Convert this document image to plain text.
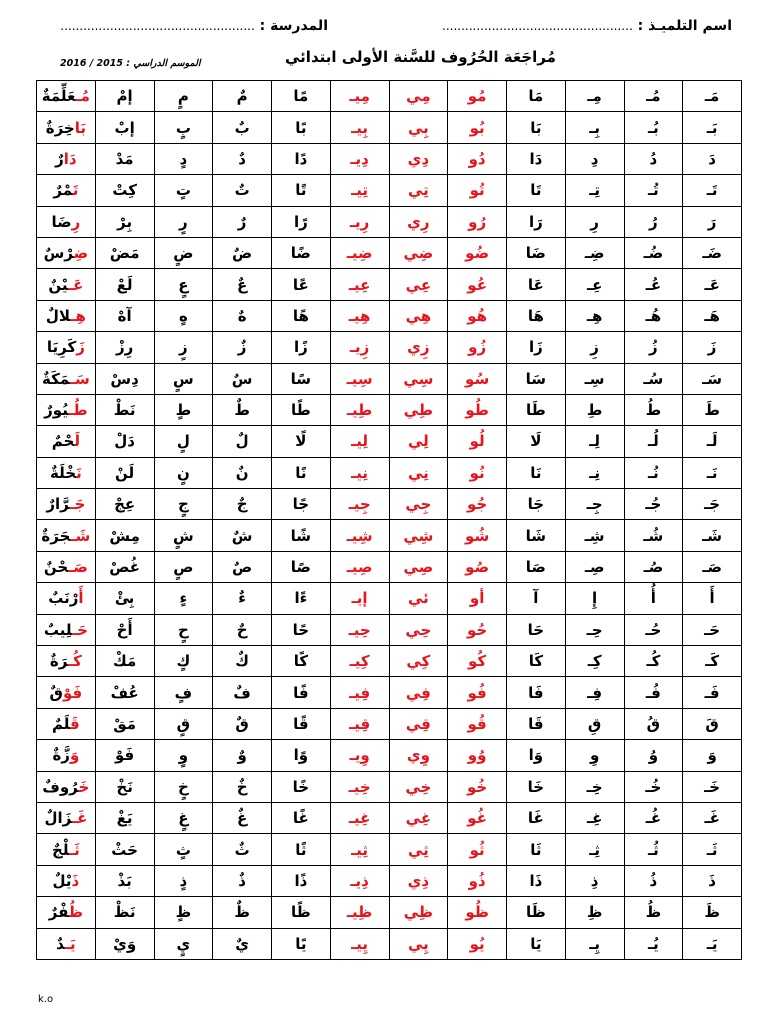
اسم التلميـذ : ..................................................
المدرسة : ...................................................
مُراجَعَة الحُرُوف للسَّنة الأولى ابتدائي
الموسم الدراسي : 2015 / 2016
مَـ	مُـ	مِـ	مَا	مُو	مِي	مِيـ	مًا	مٌ	مٍ	إمْ	مُـعَلِّمَةٌ
بَـ	بُـ	بِـ	بَا	بُو	بِي	بِيـ	بًا	بٌ	بٍ	إبْ	بَاخِرَةٌ
دَ	دُ	دِ	دَا	دُو	دِي	دِيـ	دًا	دٌ	دٍ	مَدْ	دَارٌ
تَـ	تُـ	تِـ	تَا	تُو	تِي	تِيـ	تًا	تٌ	تٍ	كِتْ	تَمْرٌ
رَ	رُ	رِ	رَا	رُو	رِي	رِيـ	رًا	رٌ	رٍ	بِرْ	رِضَا
ضَـ	ضُـ	ضِـ	ضَا	ضُو	ضِي	ضِيـ	ضًا	ضٌ	ضٍ	مَضْ	ضِرْسٌ
عَـ	عُـ	عِـ	عَا	عُو	عِي	عِيـ	عًا	عٌ	عٍ	لَعْ	عَـيْنٌ
هَـ	هُـ	هِـ	هَا	هُو	هِي	هِيـ	هًا	هٌ	هٍ	آهْ	هِـلالٌ
زَ	زُ	زِ	زَا	زُو	زِي	زِيـ	زًا	زٌ	زٍ	رِزْ	زَكَرِيَا
سَـ	سُـ	سِـ	سَا	سُو	سِي	سِيـ	سًا	سٌ	سٍ	دِسْ	سَـمَكَةٌ
طَ	طُ	طِ	طَا	طُو	طِي	طِيـ	طًا	طٌ	طٍ	نَطْ	طُـيُورٌ
لَـ	لُـ	لِـ	لَا	لُو	لِي	لِيـ	لًا	لٌ	لٍ	دَلْ	لَحْمٌ
نَـ	نُـ	نِـ	نَا	نُو	نِي	نِيـ	نًا	نٌ	نٍ	لَنْ	نَخْلَةٌ
جَـ	جُـ	جِـ	جَا	جُو	جِي	جِيـ	جًا	جٌ	جٍ	عِجْ	جَـرَّارٌ
شَـ	شُـ	شِـ	شَا	شُو	شِي	شِيـ	شًا	شٌ	شٍ	مِشْ	شَـجَرَةٌ
صَـ	صُـ	صِـ	صَا	صُو	صِي	صِيـ	صًا	صٌ	صٍ	غُصْ	صَـحْنٌ
أَ	أُ	إِ	آ	أو	ئي	إيـ	ءًا	ءٌ	ءٍ	بِئْ	أَرْنَبٌ
حَـ	حُـ	حِـ	حَا	حُو	حِي	حِيـ	حًا	حٌ	حٍ	أَحْ	حَـلِيبٌ
كَـ	كُـ	كِـ	كَا	كُو	كِي	كِيـ	كًا	كٌ	كٍ	مَكْ	كُـرَةٌ
فَـ	فُـ	فِـ	فَا	فُو	فِي	فِيـ	فًا	فٌ	فٍ	عُفْ	فَوْقٌ
قَ	قُ	قِ	قَا	قُو	قِي	قِيـ	قًا	قٌ	قٍ	مَقْ	قَلَمٌ
وَ	وُ	وِ	وَا	وُو	وِي	وِيـ	وًا	وٌ	وٍ	فَوْ	وَزَّةٌ
خَـ	خُـ	خِـ	خَا	خُو	خِي	خِيـ	خًا	خٌ	خٍ	نَخْ	خَرُوفٌ
غَـ	غُـ	غِـ	غَا	غُو	غِي	غِيـ	غًا	غٌ	غٍ	يَغْ	غَـزَالٌ
ثَـ	ثُـ	ثِـ	ثَا	ثُو	ثِي	ثِيـ	ثًا	ثٌ	ثٍ	حَثْ	ثَـلْجٌ
ذَ	ذُ	ذِ	ذَا	ذُو	ذِي	ذِيـ	ذًا	ذٌ	ذٍ	بَذْ	ذَيْلٌ
ظَ	ظُ	ظِ	ظَا	ظُو	ظِي	ظِيـ	ظًا	ظٌ	ظٍ	نَظْ	ظُفْرٌ
يَـ	يُـ	يِـ	يَا	يُو	يِي	يِيـ	يًا	يٌ	يٍ	وَيْ	يَـدٌ
k.o
